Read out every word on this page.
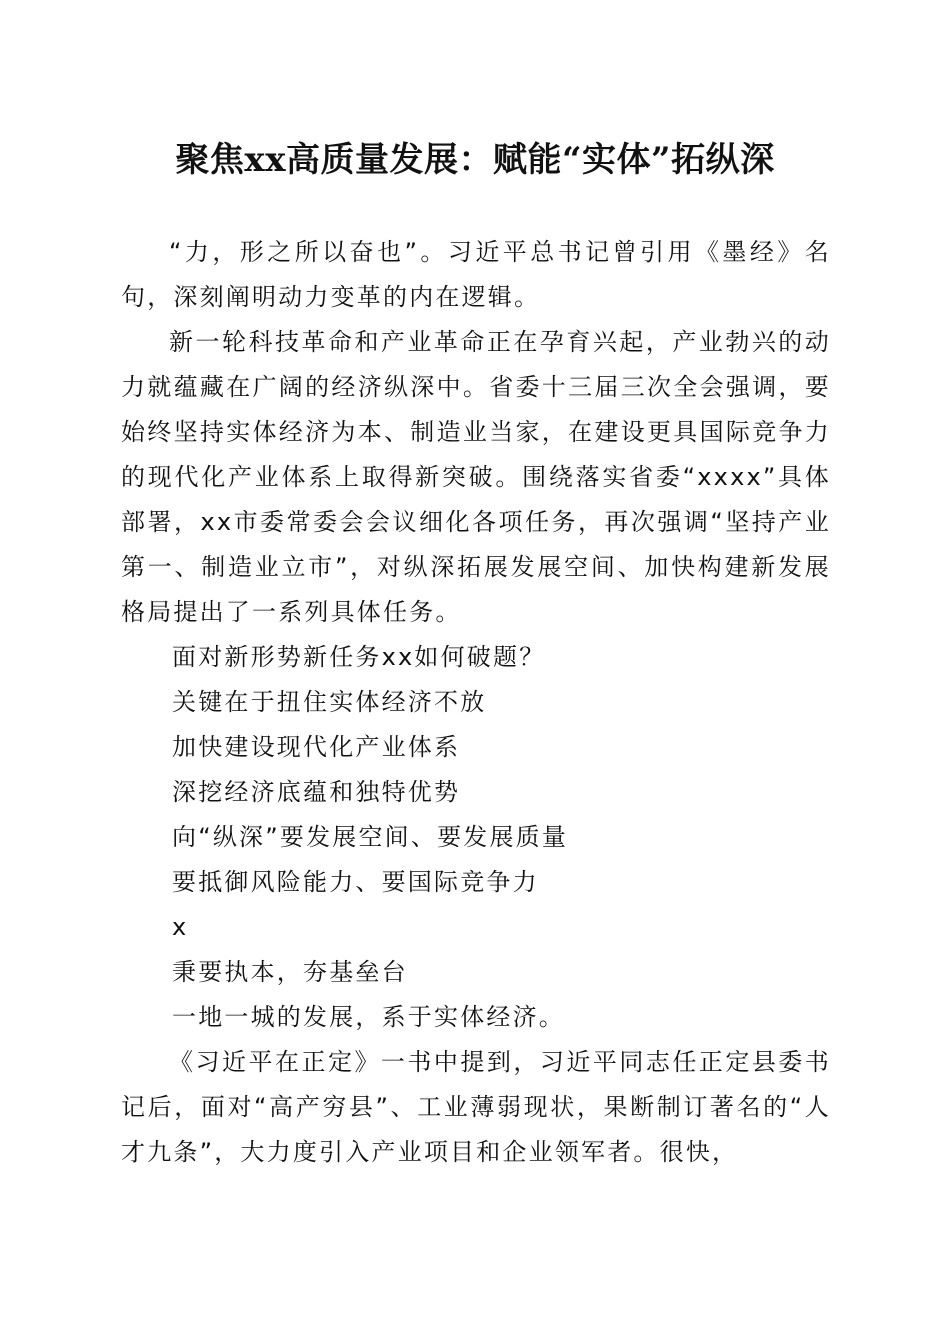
聚焦xx高质量发展：赋能“实体”拓纵深

“力，形之所以奋也”。习近平总书记曾引用《墨经》名句，深刻阐明动力变革的内在逻辑。

新一轮科技革命和产业革命正在孕育兴起，产业勃兴的动力就蕴藏在广阔的经济纵深中。省委十三届三次全会强调，要始终坚持实体经济为本、制造业当家，在建设更具国际竞争力的现代化产业体系上取得新突破。围绕落实省委“xxxx”具体部署，xx市委常委会会议细化各项任务，再次强调“坚持产业第一、制造业立市”，对纵深拓展发展空间、加快构建新发展格局提出了一系列具体任务。

面对新形势新任务xx如何破题？

关键在于扭住实体经济不放

加快建设现代化产业体系

深挖经济底蕴和独特优势

向“纵深”要发展空间、要发展质量

要抵御风险能力、要国际竞争力

x

秉要执本，夯基垒台

一地一城的发展，系于实体经济。

《习近平在正定》一书中提到，习近平同志任正定县委书记后，面对“高产穷县”、工业薄弱现状，果断制订著名的“人才九条”，大力度引入产业项目和企业领军者。很快，
